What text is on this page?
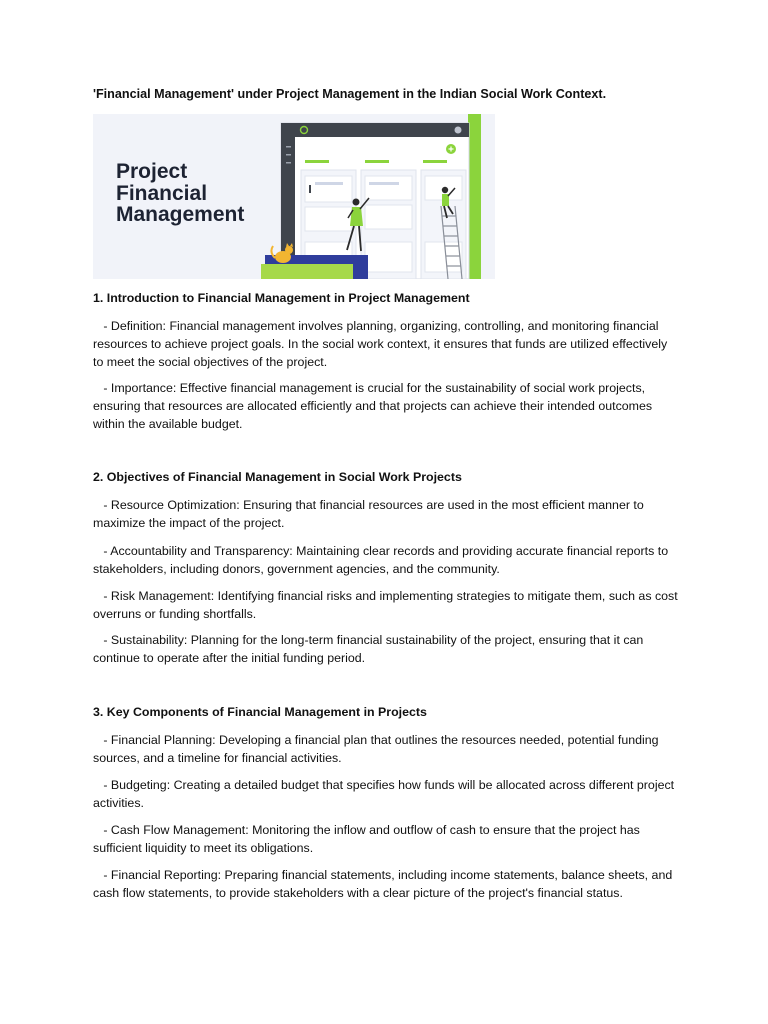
'Financial Management' under Project Management in the Indian Social Work Context.
Project
Financial
Management
1. Introduction to Financial Management in Project Management
- Definition: Financial management involves planning, organizing, controlling, and monitoring financial resources to achieve project goals. In the social work context, it ensures that funds are utilized effectively to meet the social objectives of the project.
- Importance: Effective financial management is crucial for the sustainability of social work projects, ensuring that resources are allocated efficiently and that projects can achieve their intended outcomes within the available budget.
2. Objectives of Financial Management in Social Work Projects
- Resource Optimization: Ensuring that financial resources are used in the most efficient manner to maximize the impact of the project.
- Accountability and Transparency: Maintaining clear records and providing accurate financial reports to stakeholders, including donors, government agencies, and the community.
- Risk Management: Identifying financial risks and implementing strategies to mitigate them, such as cost overruns or funding shortfalls.
- Sustainability: Planning for the long-term financial sustainability of the project, ensuring that it can continue to operate after the initial funding period.
3. Key Components of Financial Management in Projects
- Financial Planning: Developing a financial plan that outlines the resources needed, potential funding sources, and a timeline for financial activities.
- Budgeting: Creating a detailed budget that specifies how funds will be allocated across different project activities.
- Cash Flow Management: Monitoring the inflow and outflow of cash to ensure that the project has sufficient liquidity to meet its obligations.
- Financial Reporting: Preparing financial statements, including income statements, balance sheets, and cash flow statements, to provide stakeholders with a clear picture of the project's financial status.
